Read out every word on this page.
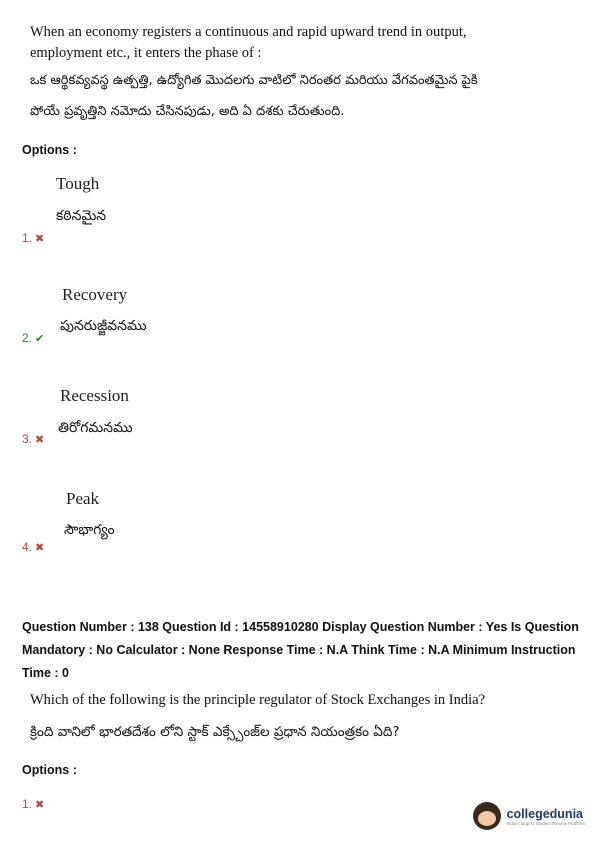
When an economy registers a continuous and rapid upward trend in output,
employment etc., it enters the phase of :
ఒక ఆర్థికవ్యవస్థ ఉత్పత్తి, ఉద్యోగిత మొదలగు వాటిలో నిరంతర మరియు వేగవంతమైన పైకి
పోయే ప్రవృత్తిని నమోదు చేసినపుడు, అది ఏ దశకు చేరుతుంది.
Options :
Tough
కఠినమైన
1. ✖
Recovery
పునరుజ్జీవనము
2. ✔
Recession
తిరోగమనము
3. ✖
Peak
సౌభాగ్యం
4. ✖
Question Number : 138 Question Id : 14558910280 Display Question Number : Yes Is Question
Mandatory : No Calculator : None Response Time : N.A Think Time : N.A Minimum Instruction
Time : 0
Which of the following is the principle regulator of Stock Exchanges in India?
క్రింది వానిలో భారతదేశం లోని స్టాక్ ఎక్స్చేంజ్‌ల ప్రధాన నియంత్రకం ఏది?
Options :
1. ✖
collegedunia
India's largest Student Review Platform
